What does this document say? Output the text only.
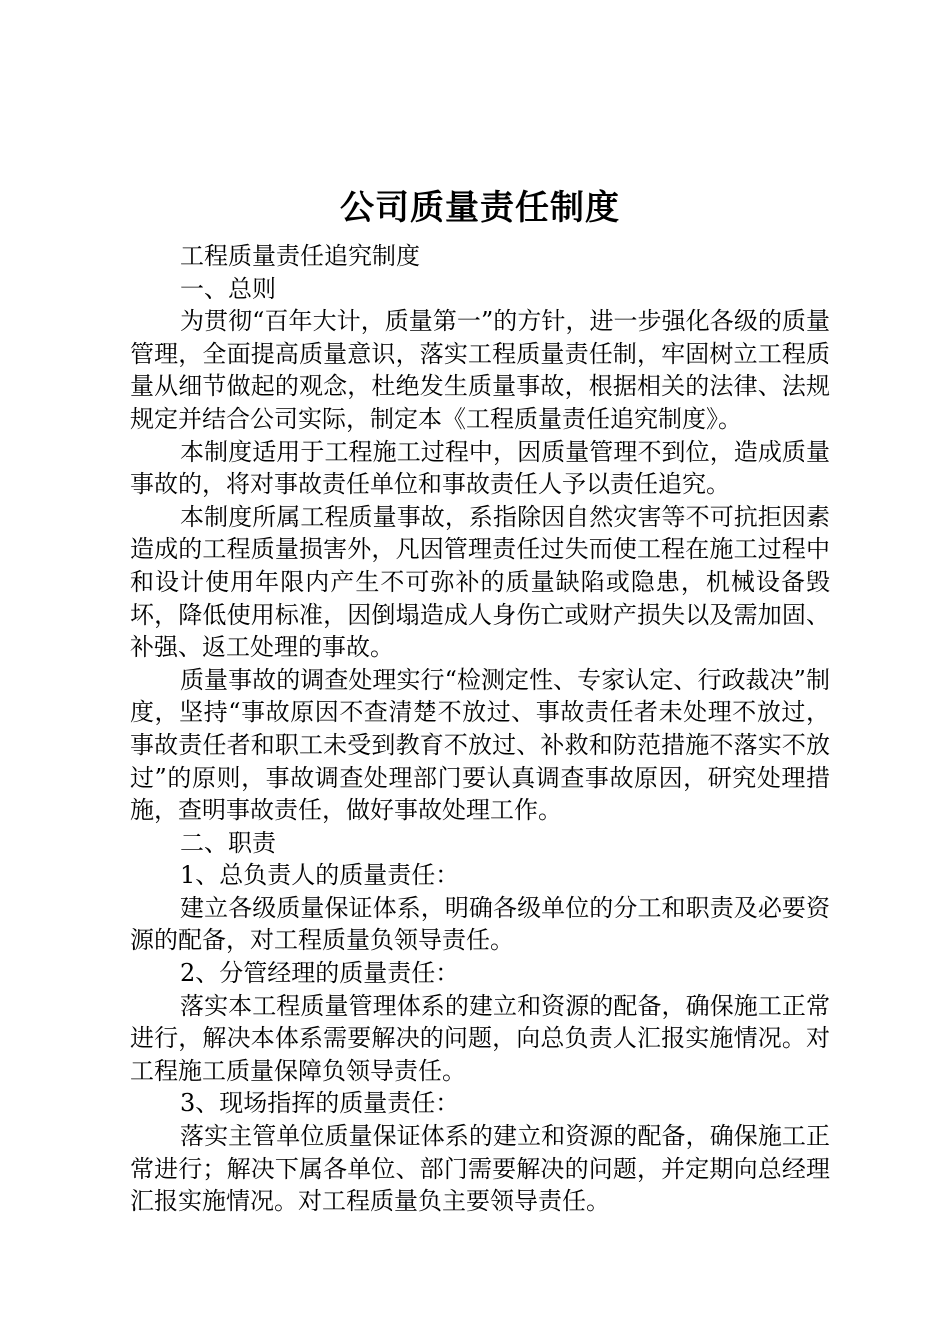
公司质量责任制度

工程质量责任追究制度

一、总则

为贯彻“百年大计，质量第一”的方针，进一步强化各级的质量管理，全面提高质量意识，落实工程质量责任制，牢固树立工程质量从细节做起的观念，杜绝发生质量事故，根据相关的法律、法规规定并结合公司实际，制定本《工程质量责任追究制度》。

本制度适用于工程施工过程中，因质量管理不到位，造成质量事故的，将对事故责任单位和事故责任人予以责任追究。

本制度所属工程质量事故，系指除因自然灾害等不可抗拒因素造成的工程质量损害外，凡因管理责任过失而使工程在施工过程中和设计使用年限内产生不可弥补的质量缺陷或隐患，机械设备毁坏，降低使用标准，因倒塌造成人身伤亡或财产损失以及需加固、补强、返工处理的事故。

质量事故的调查处理实行“检测定性、专家认定、行政裁决”制度，坚持“事故原因不查清楚不放过、事故责任者未处理不放过，事故责任者和职工未受到教育不放过、补救和防范措施不落实不放过”的原则，事故调查处理部门要认真调查事故原因，研究处理措施，查明事故责任，做好事故处理工作。

二、职责

1、总负责人的质量责任：

建立各级质量保证体系，明确各级单位的分工和职责及必要资源的配备，对工程质量负领导责任。

2、分管经理的质量责任：

落实本工程质量管理体系的建立和资源的配备，确保施工正常进行，解决本体系需要解决的问题，向总负责人汇报实施情况。对工程施工质量保障负领导责任。

3、现场指挥的质量责任：

落实主管单位质量保证体系的建立和资源的配备，确保施工正常进行；解决下属各单位、部门需要解决的问题，并定期向总经理汇报实施情况。对工程质量负主要领导责任。
